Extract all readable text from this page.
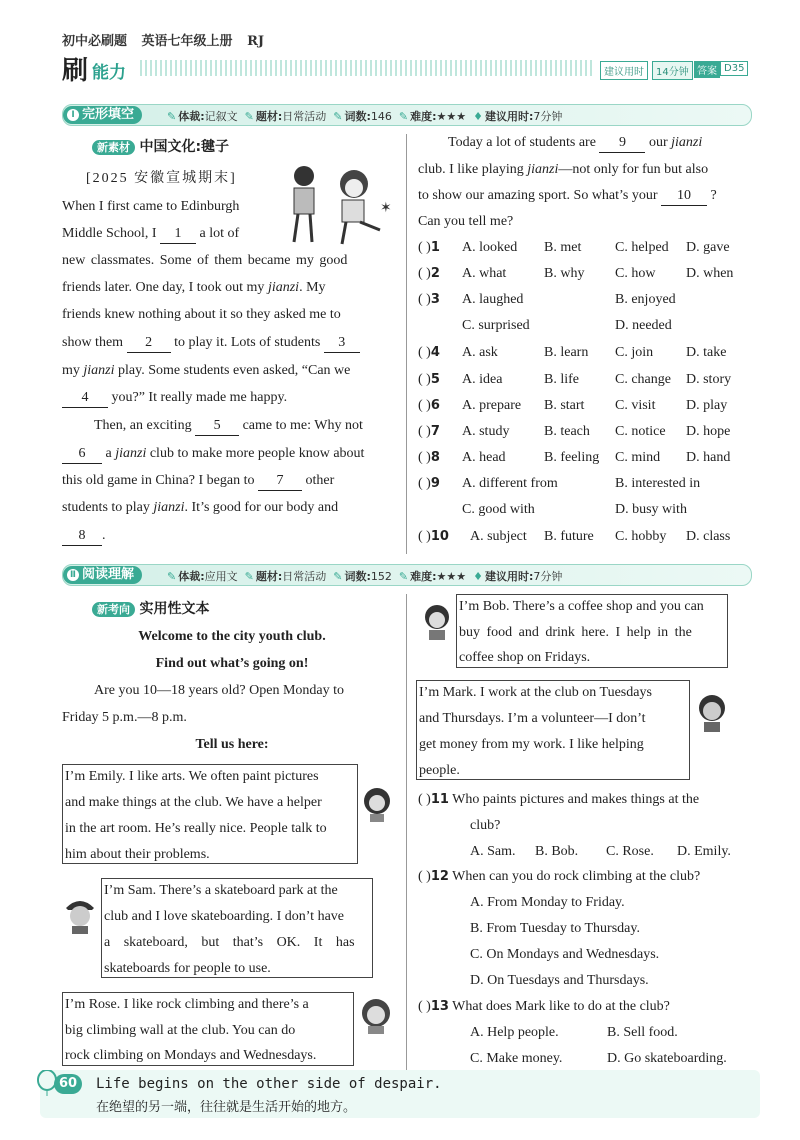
初中必刷题 英语七年级上册 RJ
刷 能力	建议用时	14分钟 答案 D35
Ⅰ 完形填空	✎ 体裁:记叙文 ✎ 题材:日常活动 ✎ 词数:146 ✎ 难度:★★★ ♦ 建议用时:7分钟
新素材 中国文化:毽子
[2025 安徽宣城期末]
✶
When I first came to Edinburgh
Middle School, I 1 a lot of
new classmates. Some of them became my good
friends later. One day, I took out my jianzi. My
friends knew nothing about it so they asked me to
show them 2 to play it. Lots of students 3
my jianzi play. Some students even asked, “Can we
4 you?” It really made me happy.
Then, an exciting 5 came to me: Why not
6 a jianzi club to make more people know about
this old game in China? I began to 7 other
students to play jianzi. It’s good for our body and
8 .
Today a lot of students are 9 our jianzi
club. I like playing jianzi—not only for fun but also
to show our amazing sport. So what’s your 10 ?
Can you tell me?
( )1 A. looked B. met C. helped D. gave
( )2 A. what	B. why C. how D. when
( )3 A. laughed	B. enjoyed
C. surprised	D. needed
( )4 A. ask	B. learn C. join D. take
( )5 A. idea	B. life	C. change D. story
( )6 A. prepare B. start C. visit D. play
( )7 A. study B. teach C. notice D. hope
( )8 A. head	B. feeling C. mind D. hand
( )9 A. different from	B. interested in
C. good with	D. busy with
( )10 A. subject B. future C. hobby D. class
Ⅱ 阅读理解	✎ 体裁:应用文 ✎ 题材:日常活动 ✎ 词数:152 ✎ 难度:★★★ ♦ 建议用时:7分钟
新考向 实用性文本
Welcome to the city youth club.
Find out what’s going on!
Are you 10—18 years old? Open Monday to
Friday 5 p.m.—8 p.m.
Tell us here:
I’m Emily. I like arts. We often paint pictures
and make things at the club. We have a helper
in the art room. He’s really nice. People talk to
him about their problems.
I’m Sam. There’s a skateboard park at the
club and I love skateboarding. I don’t have
a skateboard, but that’s OK. It has
skateboards for people to use.
I’m Rose. I like rock climbing and there’s a
big climbing wall at the club. You can do
rock climbing on Mondays and Wednesdays.
I’m Bob. There’s a coffee shop and you can
buy food and drink here. I help in the
coffee shop on Fridays.
I’m Mark. I work at the club on Tuesdays
and Thursdays. I’m a volunteer—I don’t
get money from my work. I like helping
people.
( )11 Who paints pictures and makes things at the
club?
A. Sam. B. Bob. C. Rose. D. Emily.
( )12 When can you do rock climbing at the club?
A. From Monday to Friday.
B. From Tuesday to Thursday.
C. On Mondays and Wednesdays.
D. On Tuesdays and Thursdays.
( )13 What does Mark like to do at the club?
A. Help people.	B. Sell food.
C. Make money.	D. Go skateboarding.
60	Life begins on the other side of despair.
在绝望的另一端，往往就是生活开始的地方。
